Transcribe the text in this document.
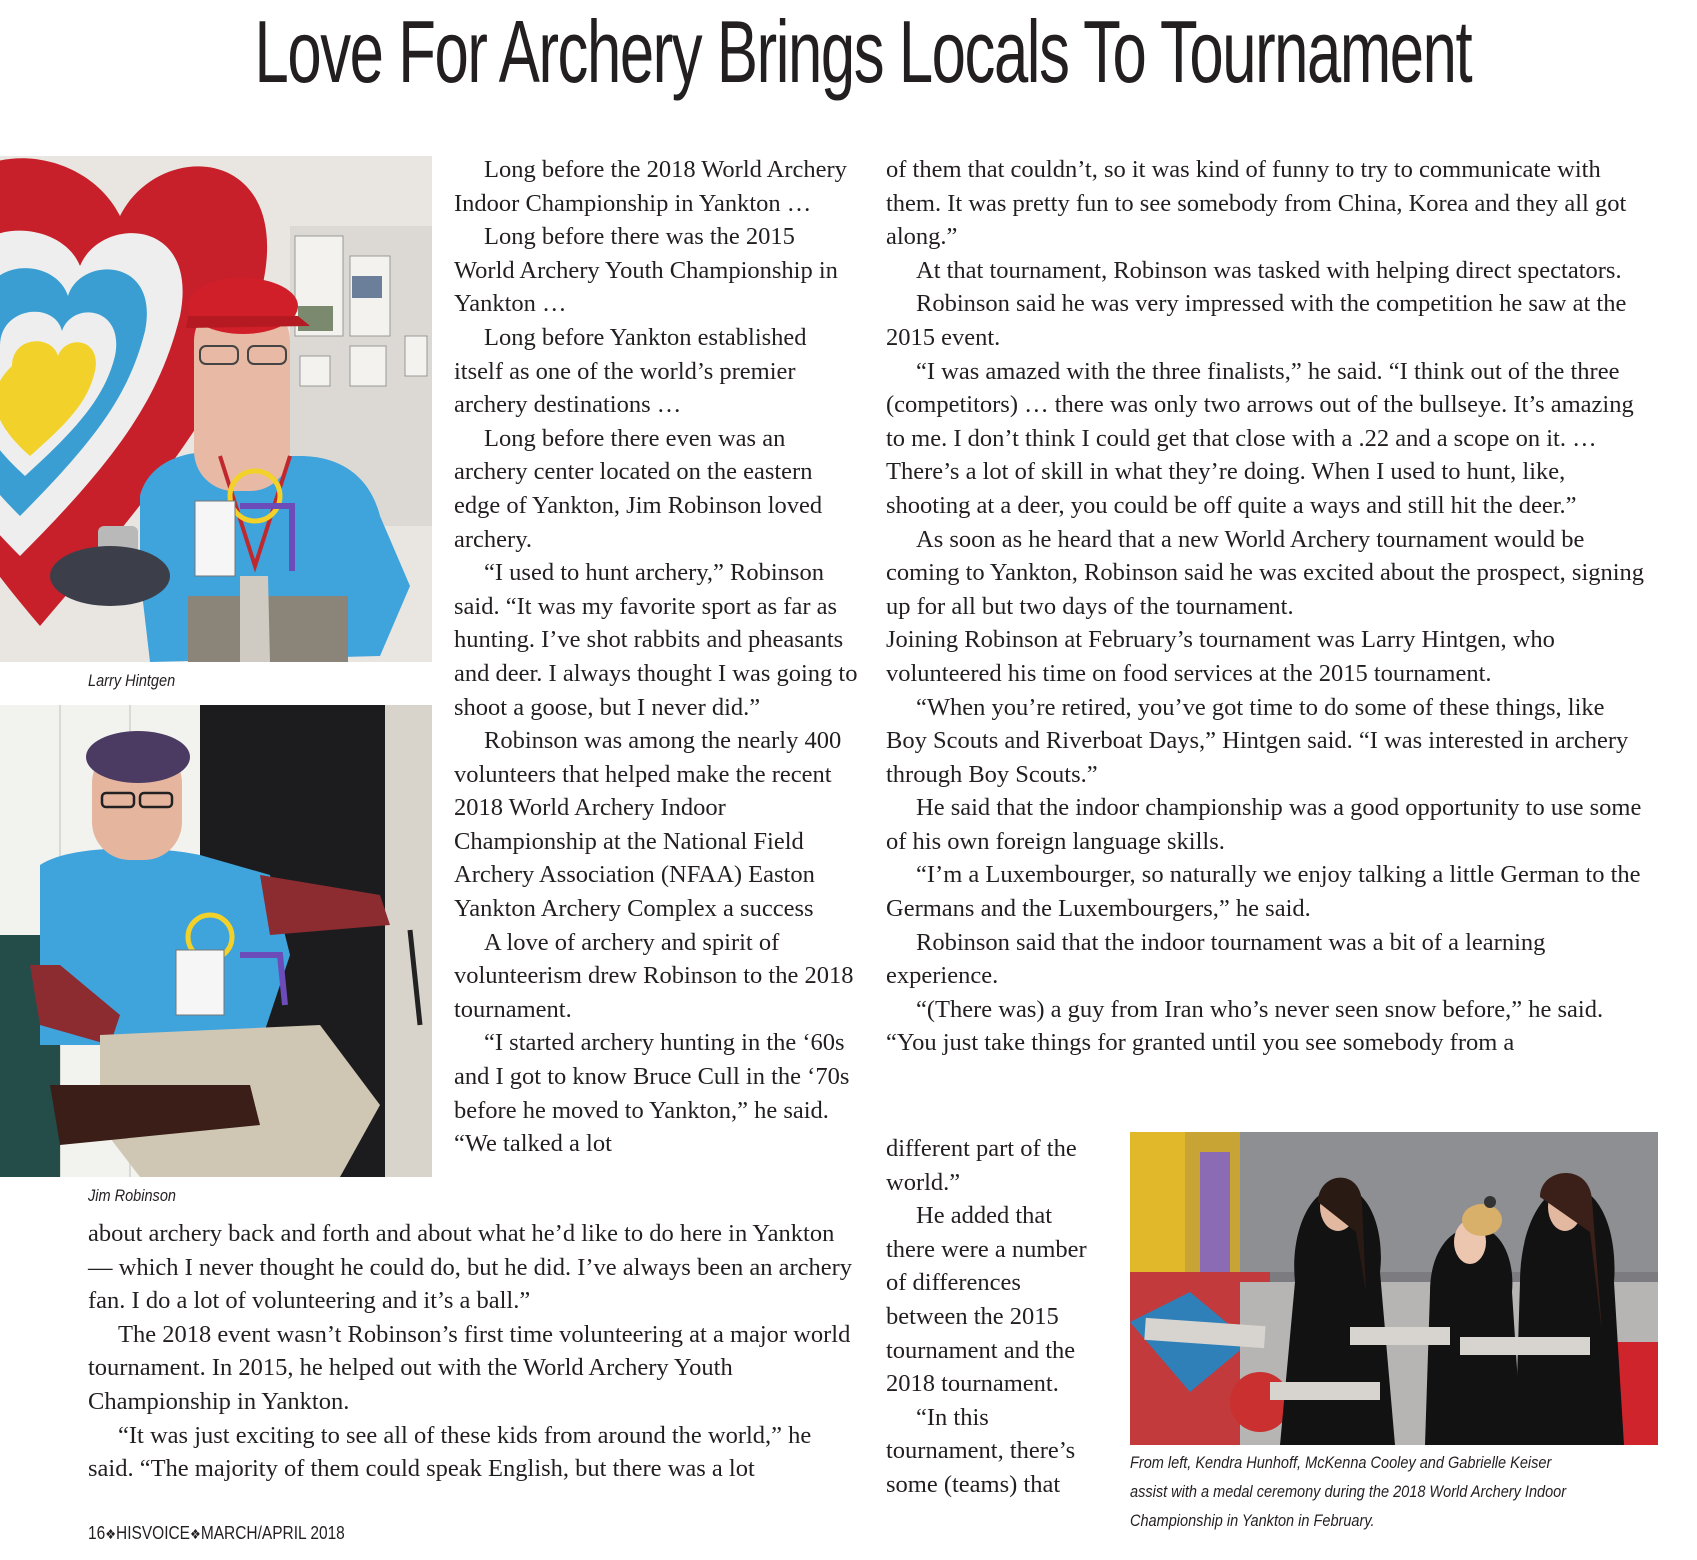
Love For Archery Brings Locals To Tournament
Larry Hintgen
Jim Robinson
From left, Kendra Hunhoff, McKenna Cooley and Gabrielle Keiser
assist with a medal ceremony during the 2018 World Archery Indoor
Championship in Yankton in February.

Long before the 2018 World Archery Indoor Championship in Yankton …

Long before there was the 2015 World Archery Youth Championship in Yankton …

Long before Yankton established itself as one of the world’s premier archery destinations …

Long before there even was an archery center located on the eastern edge of Yankton, Jim Robinson loved archery.

“I used to hunt archery,” Robinson said. “It was my favorite sport as far as hunting. I’ve shot rabbits and pheasants and deer. I always thought I was going to shoot a goose, but I never did.”

Robinson was among the nearly 400 volunteers that helped make the recent 2018 World Archery Indoor Championship at the National Field Archery Association (NFAA) Easton Yankton Archery Complex a success

A love of archery and spirit of volunteerism drew Robinson to the 2018 tournament.

“I started archery hunting in the ‘60s and I got to know Bruce Cull in the ‘70s before he moved to Yankton,” he said. “We talked a lot

about archery back and forth and about what he’d like to do here in Yankton — which I never thought he could do, but he did. I’ve always been an archery fan. I do a lot of volunteering and it’s a ball.”

The 2018 event wasn’t Robinson’s first time volunteering at a major world tournament. In 2015, he helped out with the World Archery Youth Championship in Yankton.

“It was just exciting to see all of these kids from around the world,” he said. “The majority of them could speak English, but there was a lot

of them that couldn’t, so it was kind of funny to try to communicate with them. It was pretty fun to see somebody from China, Korea and they all got along.”

At that tournament, Robinson was tasked with helping direct spectators.

Robinson said he was very impressed with the competition he saw at the 2015 event.

“I was amazed with the three finalists,” he said. “I think out of the three (competitors) … there was only two arrows out of the bullseye. It’s amazing to me. I don’t think I could get that close with a .22 and a scope on it. … There’s a lot of skill in what they’re doing. When I used to hunt, like, shooting at a deer, you could be off quite a ways and still hit the deer.”

As soon as he heard that a new World Archery tournament would be coming to Yankton, Robinson said he was excited about the prospect, signing up for all but two days of the tournament.

Joining Robinson at February’s tournament was Larry Hintgen, who volunteered his time on food services at the 2015 tournament.

“When you’re retired, you’ve got time to do some of these things, like Boy Scouts and Riverboat Days,” Hintgen said. “I was interested in archery through Boy Scouts.”

He said that the indoor championship was a good opportunity to use some of his own foreign language skills.

“I’m a Luxembourger, so naturally we enjoy talking a little German to the Germans and the Luxembourgers,” he said.

Robinson said that the indoor tournament was a bit of a learning experience.

“(There was) a guy from Iran who’s never seen snow before,” he said. “You just take things for granted until you see somebody from a

different part of the world.”

He added that there were a number of differences between the 2015 tournament and the 2018 tournament.

“In this tournament, there’s some (teams) that

16❖HISVOICE❖MARCH/APRIL 2018
